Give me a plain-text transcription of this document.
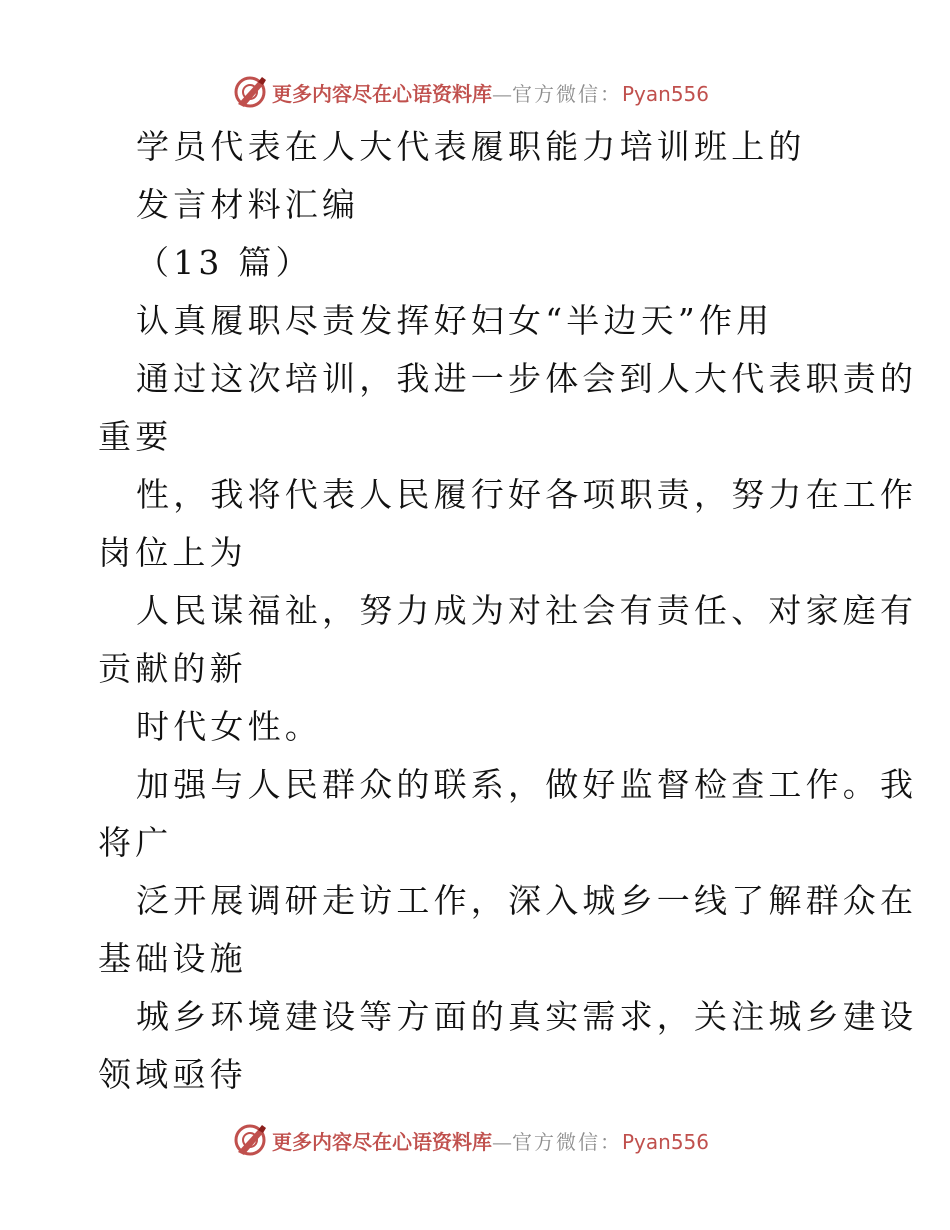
更多内容尽在心语资料库—官方微信：Pyan556
学员代表在人大代表履职能力培训班上的
发言材料汇编
（13 篇）
认真履职尽责发挥好妇女“半边天”作用
通过这次培训，我进一步体会到人大代表职责的
重要
性，我将代表人民履行好各项职责，努力在工作
岗位上为
人民谋福祉，努力成为对社会有责任、对家庭有
贡献的新
时代女性。
加强与人民群众的联系，做好监督检查工作。我
将广
泛开展调研走访工作，深入城乡一线了解群众在
基础设施
城乡环境建设等方面的真实需求，关注城乡建设
领域亟待
更多内容尽在心语资料库—官方微信：Pyan556
